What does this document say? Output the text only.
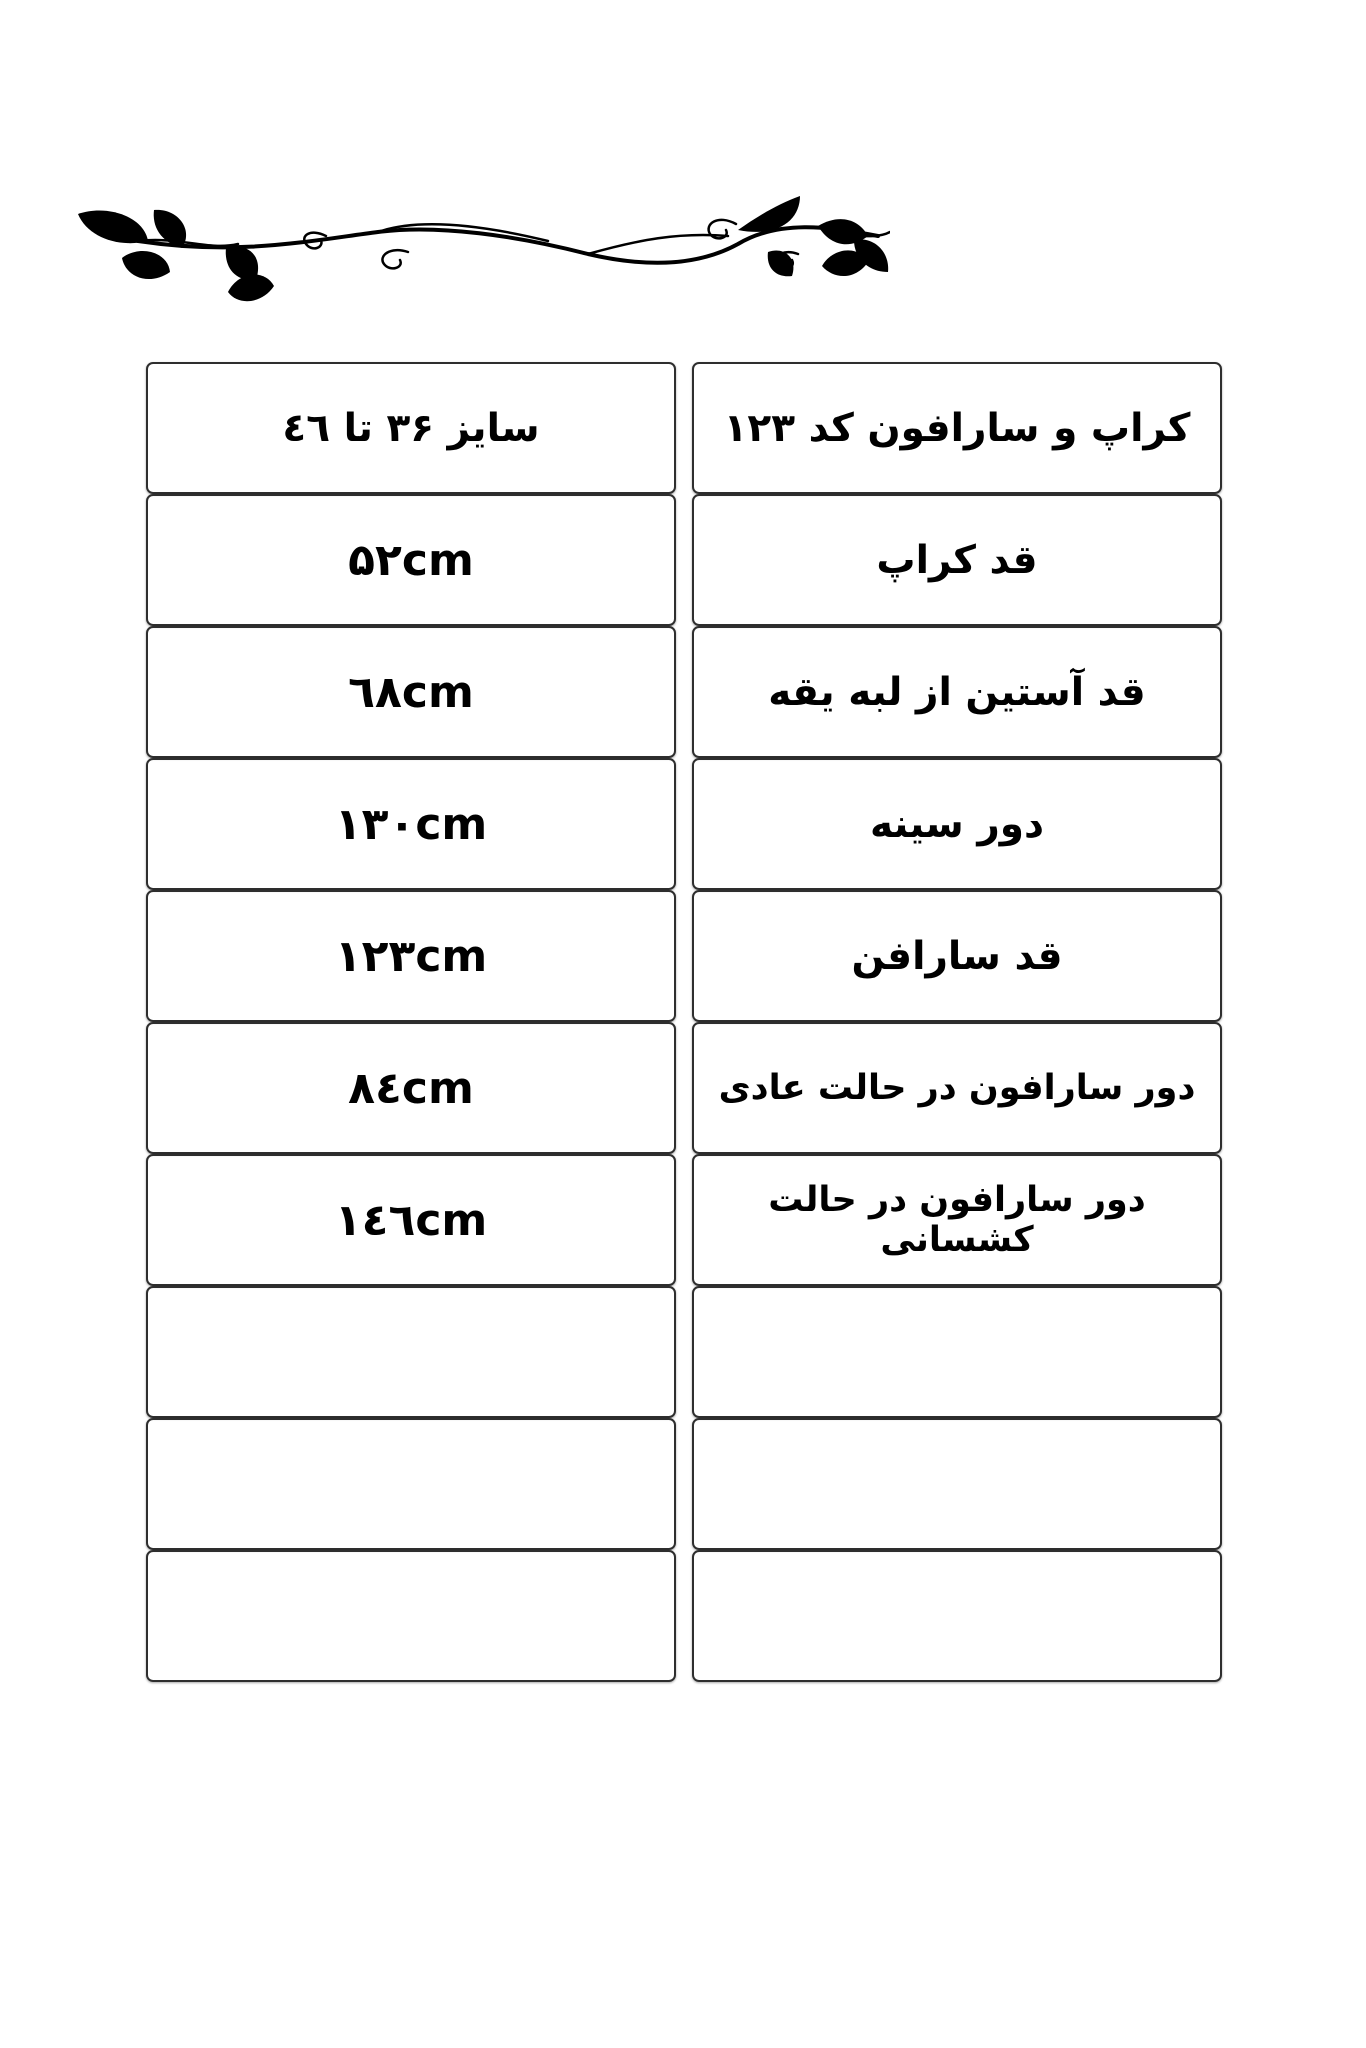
کراپ و سارافون کد ۱۲۳
سایز ۳۶ تا ٤٦
قد کراپ
۵۲cm
قد آستین از لبه یقه
٦٨cm
دور سینه
۱۳۰cm
قد سارافن
۱۲۳cm
دور سارافون در حالت عادی
٨٤cm
دور سارافون در حالت کشسانی
١٤٦cm
